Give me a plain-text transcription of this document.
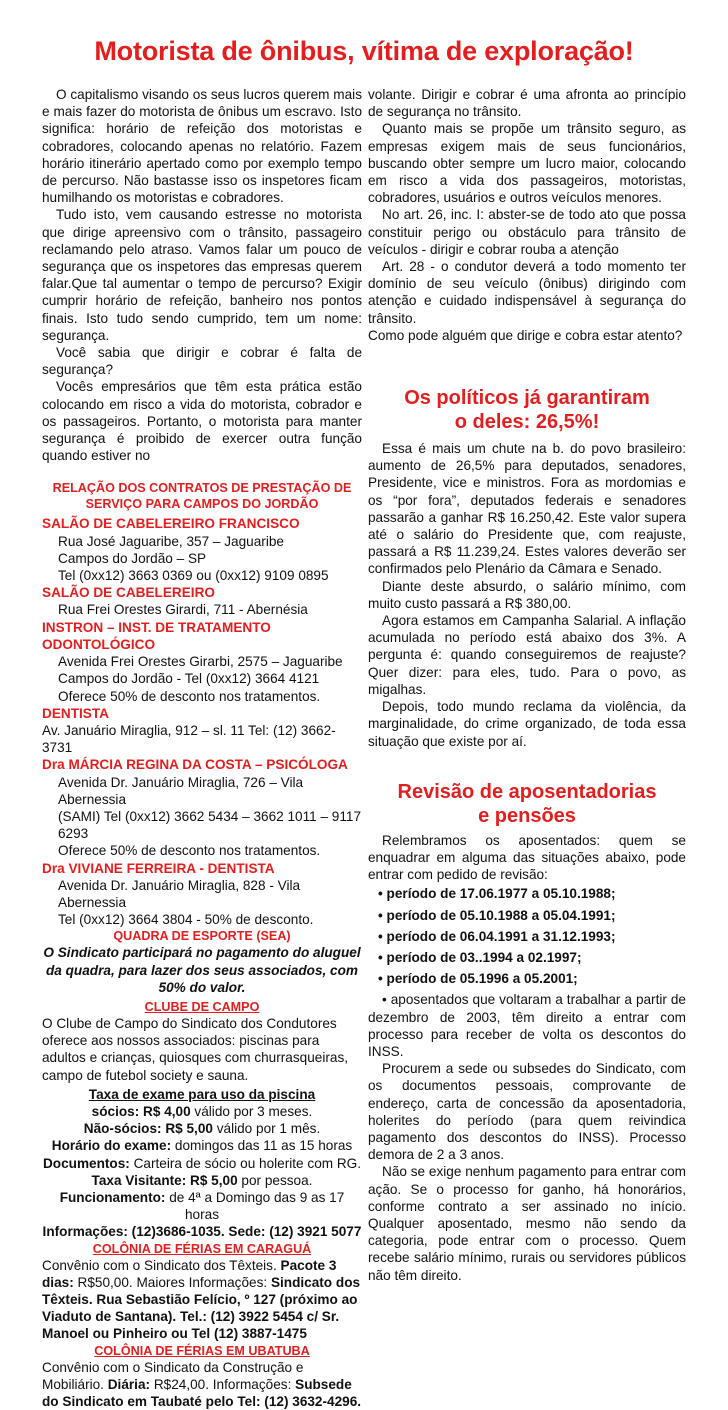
Motorista de ônibus, vítima de exploração!

O capitalismo visando os seus lucros querem mais e mais fazer do motorista de ônibus um escravo. Isto significa: horário de refeição dos motoristas e cobradores, colocando apenas no relatório. Fazem horário itinerário apertado como por exemplo tempo de percurso. Não bastasse isso os inspetores ficam humilhando os motoristas e cobradores.

Tudo isto, vem causando estresse no motorista que dirige apreensivo com o trânsito, passageiro reclamando pelo atraso. Vamos falar um pouco de segurança que os inspetores das empresas querem falar.Que tal aumentar o tempo de percurso? Exigir cumprir horário de refeição, banheiro nos pontos finais. Isto tudo sendo cumprido, tem um nome: segurança.

Você sabia que dirigir e cobrar é falta de segurança?

Vocês empresários que têm esta prática estão colocando em risco a vida do motorista, cobrador e os passageiros. Portanto, o motorista para manter segurança é proibido de exercer outra função quando estiver no

RELAÇÃO DOS CONTRATOS DE PRESTAÇÃO DE SERVIÇO PARA CAMPOS DO JORDÃO
SALÃO DE CABELEREIRO FRANCISCO
Rua José Jaguaribe, 357 – Jaguaribe
Campos do Jordão – SP
Tel (0xx12) 3663 0369 ou (0xx12) 9109 0895
SALÃO DE CABELEREIRO
Rua Frei Orestes Girardi, 711 - Abernésia
INSTRON – INST. DE TRATAMENTO ODONTOLÓGICO
Avenida Frei Orestes Girarbi, 2575 – Jaguaribe
Campos do Jordão - Tel (0xx12) 3664 4121
Oferece 50% de desconto nos tratamentos.
DENTISTA
Av. Januário Miraglia, 912 – sl. 11 Tel: (12) 3662-3731
Dra MÁRCIA REGINA DA COSTA – PSICÓLOGA
Avenida Dr. Januário Miraglia, 726 – Vila Abernessia
(SAMI) Tel (0xx12) 3662 5434 – 3662 1011 – 9117 6293
Oferece 50% de desconto nos tratamentos.
Dra VIVIANE FERREIRA - DENTISTA
Avenida Dr. Januário Miraglia, 828 - Vila Abernessia
Tel (0xx12) 3664 3804 - 50% de desconto.
QUADRA DE ESPORTE (SEA)

O Sindicato participará no pagamento do aluguel da quadra, para lazer dos seus associados, com 50% do valor.

CLUBE DE CAMPO

O Clube de Campo do Sindicato dos Condutores oferece aos nossos associados: piscinas para adultos e crianças, quiosques com churrasqueiras, campo de futebol society e sauna.

Taxa de exame para uso da piscina
sócios: R$ 4,00 válido por 3 meses.
Não-sócios: R$ 5,00 válido por 1 mês.
Horário do exame: domingos das 11 as 15 horas
Documentos: Carteira de sócio ou holerite com RG.
Taxa Visitante: R$ 5,00 por pessoa.
Funcionamento: de 4ª a Domingo das 9 as 17 horas
Informações: (12)3686-1035. Sede: (12) 3921 5077
COLÔNIA DE FÉRIAS EM CARAGUÁ

Convênio com o Sindicato dos Têxteis. Pacote 3 dias: R$50,00. Maiores Informações: Sindicato dos Têxteis. Rua Sebastião Felício, º 127 (próximo ao Viaduto de Santana). Tel.: (12) 3922 5454 c/ Sr. Manoel ou Pinheiro ou Tel (12) 3887-1475

COLÔNIA DE FÉRIAS EM UBATUBA

Convênio com o Sindicato da Construção e Mobiliário. Diária: R$24,00. Informações: Subsede do Sindicato em Taubaté pelo Tel: (12) 3632-4296.

volante. Dirigir e cobrar é uma afronta ao princípio de segurança no trânsito.

Quanto mais se propõe um trânsito seguro, as empresas exigem mais de seus funcionários, buscando obter sempre um lucro maior, colocando em risco a vida dos passageiros, motoristas, cobradores, usuários e outros veículos menores.

No art. 26, inc. I: abster-se de todo ato que possa constituir perigo ou obstáculo para trânsito de veículos - dirigir e cobrar rouba a atenção

Art. 28 - o condutor deverá a todo momento ter domínio de seu veículo (ônibus) dirigindo com atenção e cuidado indispensável à segurança do trânsito.

Como pode alguém que dirige e cobra estar atento?

Os políticos já garantiram
o deles: 26,5%!

Essa é mais um chute na b. do povo brasileiro: aumento de 26,5% para deputados, senadores, Presidente, vice e ministros. Fora as mordomias e os “por fora”, deputados federais e senadores passarão a ganhar R$ 16.250,42. Este valor supera até o salário do Presidente que, com reajuste, passará a R$ 11.239,24. Estes valores deverão ser confirmados pelo Plenário da Câmara e Senado.

Diante deste absurdo, o salário mínimo, com muito custo passará a R$ 380,00.

Agora estamos em Campanha Salarial. A inflação acumulada no período está abaixo dos 3%. A pergunta é: quando conseguiremos de reajuste? Quer dizer: para eles, tudo. Para o povo, as migalhas.

Depois, todo mundo reclama da violência, da marginalidade, do crime organizado, de toda essa situação que existe por aí.

Revisão de aposentadorias
e pensões

Relembramos os aposentados: quem se enquadrar em alguma das situações abaixo, pode entrar com pedido de revisão:

• período de 17.06.1977 a 05.10.1988;
• período de 05.10.1988 a 05.04.1991;
• período de 06.04.1991 a 31.12.1993;
• período de 03..1994 a 02.1997;
• período de 05.1996 a 05.2001;

• aposentados que voltaram a trabalhar a partir de dezembro de 2003, têm direito a entrar com processo para receber de volta os descontos do INSS.

Procurem a sede ou subsedes do Sindicato, com os documentos pessoais, comprovante de endereço, carta de concessão da aposentadoria, holerites do período (para quem reivindica pagamento dos descontos do INSS). Processo demora de 2 a 3 anos.

Não se exige nenhum pagamento para entrar com ação. Se o processo for ganho, há honorários, conforme contrato a ser assinado no início. Qualquer aposentado, mesmo não sendo da categoria, pode entrar com o processo. Quem recebe salário mínimo, rurais ou servidores públicos não têm direito.
